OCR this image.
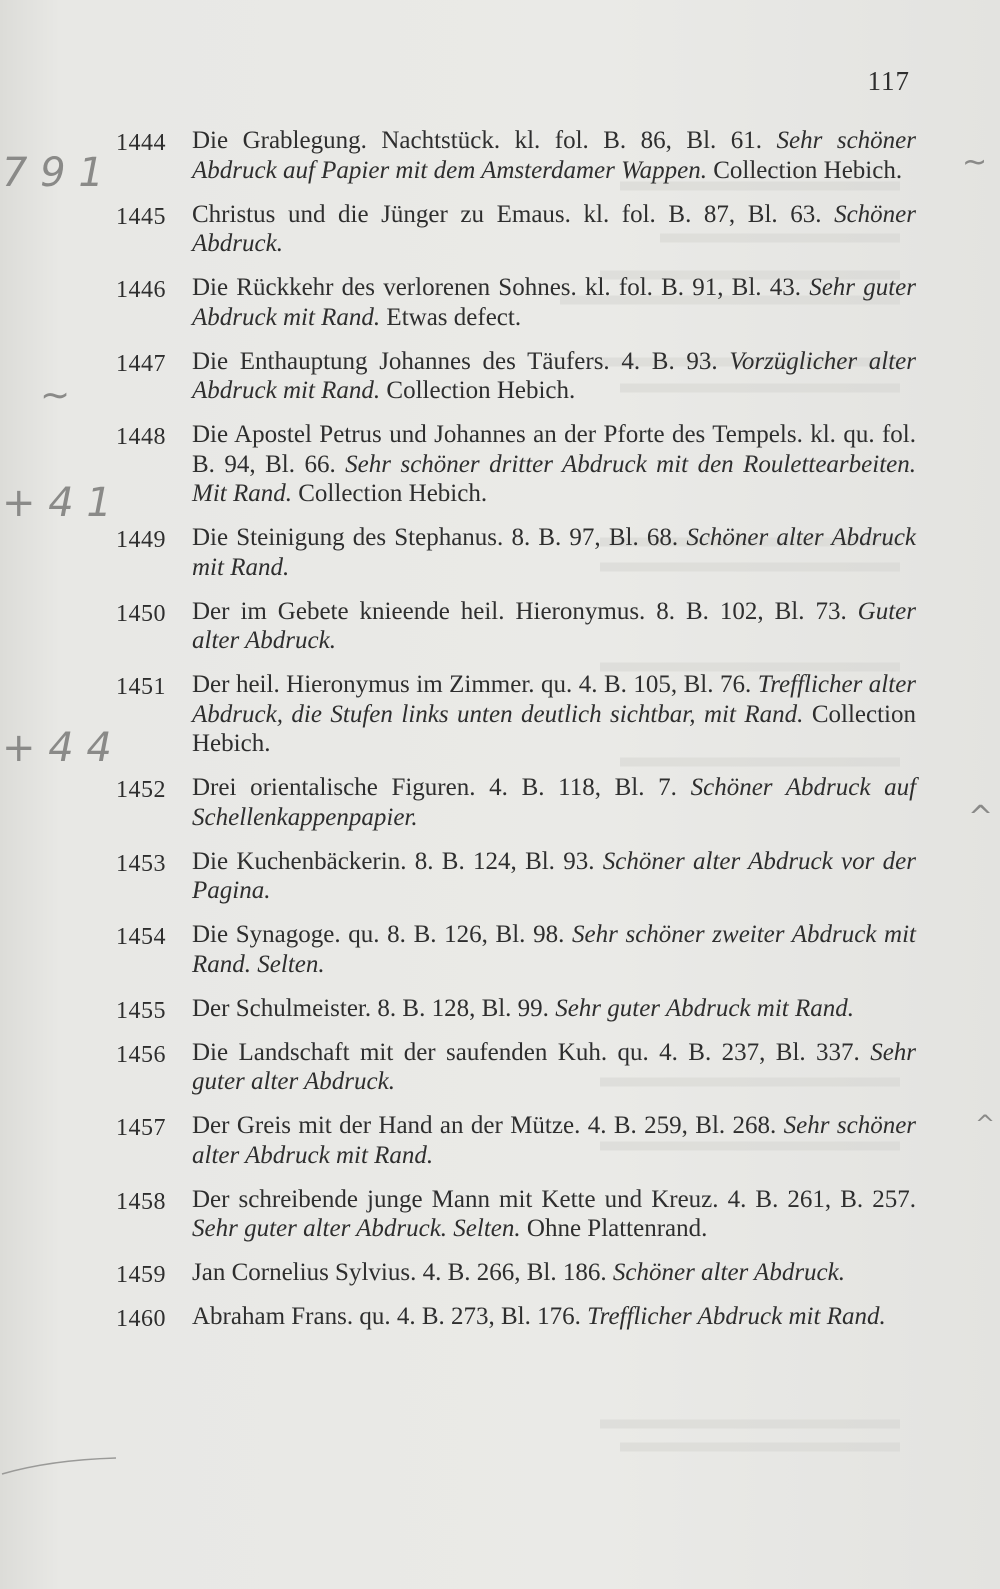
117
7 9 1
∼
+ 4 1
+ 4 4
~
^
^
1444 Die Grablegung. Nachtstück. kl. fol. B. 86, Bl. 61. Sehr schöner Abdruck auf Papier mit dem Amsterdamer Wappen. Collection Hebich.
1445 Christus und die Jünger zu Emaus. kl. fol. B. 87, Bl. 63. Schöner Abdruck.
1446 Die Rückkehr des verlorenen Sohnes. kl. fol. B. 91, Bl. 43. Sehr guter Abdruck mit Rand. Etwas defect.
1447 Die Enthauptung Johannes des Täufers. 4. B. 93. Vorzüglicher alter Abdruck mit Rand. Collection Hebich.
1448 Die Apostel Petrus und Johannes an der Pforte des Tempels. kl. qu. fol. B. 94, Bl. 66. Sehr schöner dritter Abdruck mit den Roulettearbeiten. Mit Rand. Collection Hebich.
1449 Die Steinigung des Stephanus. 8. B. 97, Bl. 68. Schöner alter Abdruck mit Rand.
1450 Der im Gebete knieende heil. Hieronymus. 8. B. 102, Bl. 73. Guter alter Abdruck.
1451 Der heil. Hieronymus im Zimmer. qu. 4. B. 105, Bl. 76. Trefflicher alter Abdruck, die Stufen links unten deutlich sichtbar, mit Rand. Collection Hebich.
1452 Drei orientalische Figuren. 4. B. 118, Bl. 7. Schöner Abdruck auf Schellenkappenpapier.
1453 Die Kuchenbäckerin. 8. B. 124, Bl. 93. Schöner alter Abdruck vor der Pagina.
1454 Die Synagoge. qu. 8. B. 126, Bl. 98. Sehr schöner zweiter Abdruck mit Rand. Selten.
1455 Der Schulmeister. 8. B. 128, Bl. 99. Sehr guter Abdruck mit Rand.
1456 Die Landschaft mit der saufenden Kuh. qu. 4. B. 237, Bl. 337. Sehr guter alter Abdruck.
1457 Der Greis mit der Hand an der Mütze. 4. B. 259, Bl. 268. Sehr schöner alter Abdruck mit Rand.
1458 Der schreibende junge Mann mit Kette und Kreuz. 4. B. 261, B. 257. Sehr guter alter Abdruck. Selten. Ohne Plattenrand.
1459 Jan Cornelius Sylvius. 4. B. 266, Bl. 186. Schöner alter Abdruck.
1460 Abraham Frans. qu. 4. B. 273, Bl. 176. Trefflicher Abdruck mit Rand.
